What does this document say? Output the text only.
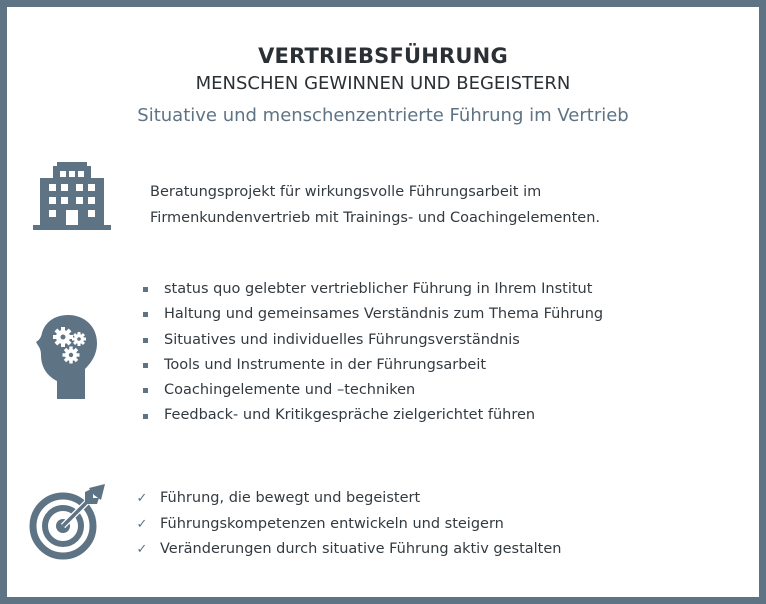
VERTRIEBSFÜHRUNG
MENSCHEN GEWINNEN UND BEGEISTERN
Situative und menschenzentrierte Führung im Vertrieb
Beratungsprojekt für wirkungsvolle Führungsarbeit im
Firmenkundenvertrieb mit Trainings- und Coachingelementen.
status quo gelebter vertrieblicher Führung in Ihrem Institut
Haltung und gemeinsames Verständnis zum Thema Führung
Situatives und individuelles Führungsverständnis
Tools und Instrumente in der Führungsarbeit
Coachingelemente und –techniken
Feedback- und Kritikgespräche zielgerichtet führen
✓ Führung, die bewegt und begeistert
✓ Führungskompetenzen entwickeln und steigern
✓ Veränderungen durch situative Führung aktiv gestalten
